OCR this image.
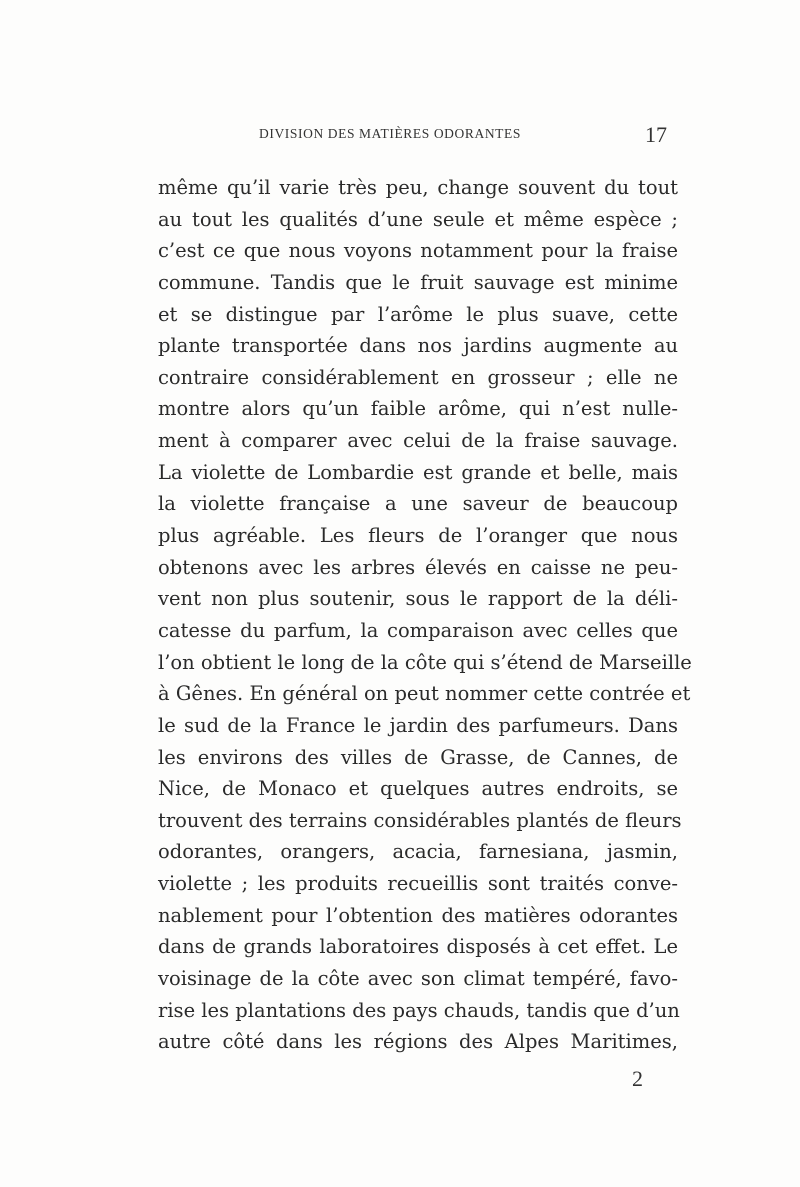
DIVISION DES MATIÈRES ODORANTES	17
même qu’il varie très peu, change souvent du tout
au tout les qualités d’une seule et même espèce ;
c’est ce que nous voyons notamment pour la fraise
commune. Tandis que le fruit sauvage est minime
et se distingue par l’arôme le plus suave, cette
plante transportée dans nos jardins augmente au
contraire considérablement en grosseur ; elle ne
montre alors qu’un faible arôme, qui n’est nulle-
ment à comparer avec celui de la fraise sauvage.
La violette de Lombardie est grande et belle, mais
la violette française a une saveur de beaucoup
plus agréable. Les fleurs de l’oranger que nous
obtenons avec les arbres élevés en caisse ne peu-
vent non plus soutenir, sous le rapport de la déli-
catesse du parfum, la comparaison avec celles que
l’on obtient le long de la côte qui s’étend de Marseille
à Gênes. En général on peut nommer cette contrée et
le sud de la France le jardin des parfumeurs. Dans
les environs des villes de Grasse, de Cannes, de
Nice, de Monaco et quelques autres endroits, se
trouvent des terrains considérables plantés de fleurs
odorantes, orangers, acacia, farnesiana, jasmin,
violette ; les produits recueillis sont traités conve-
nablement pour l’obtention des matières odorantes
dans de grands laboratoires disposés à cet effet. Le
voisinage de la côte avec son climat tempéré, favo-
rise les plantations des pays chauds, tandis que d’un
autre côté dans les régions des Alpes Maritimes,
2
